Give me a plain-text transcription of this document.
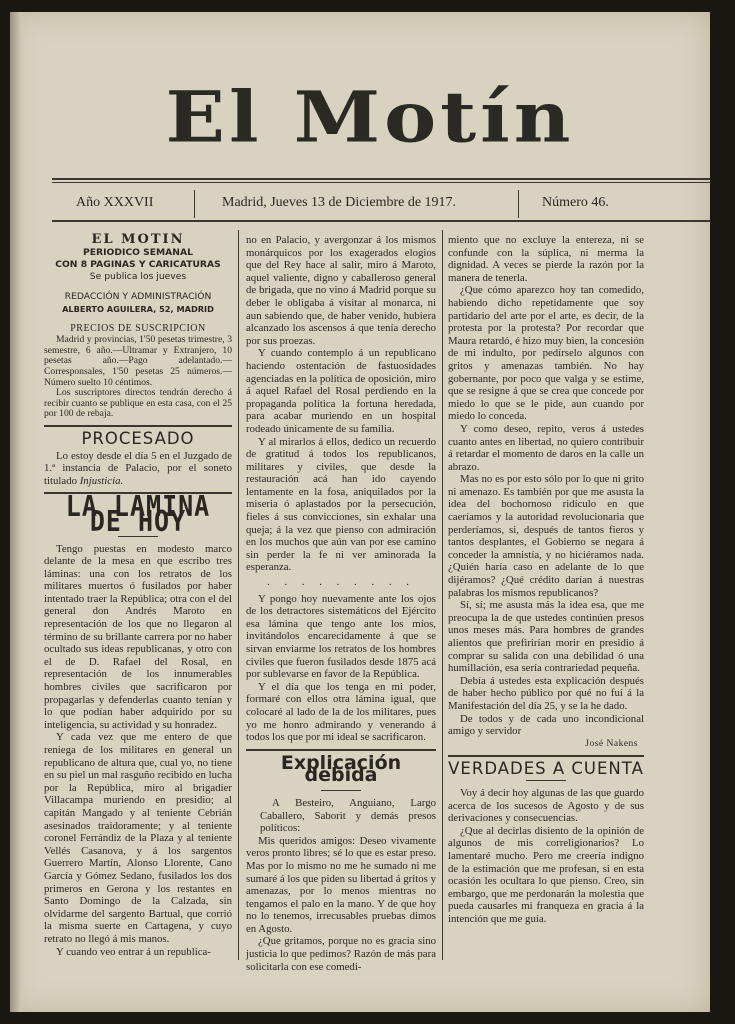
El Motín
Año XXXVII	Madrid, Jueves 13 de Diciembre de 1917.	Número 46.
EL MOTIN
PERIODICO SEMANAL
CON 8 PAGINAS Y CARICATURAS
Se publica los jueves
REDACCIÓN Y ADMINISTRACIÓN
ALBERTO AGUILERA, 52, MADRID
PRECIOS DE SUSCRIPCION

Madrid y provincias, 1'50 pesetas trimestre, 3 semestre, 6 año.—Ultramar y Extranjero, 10 pesetas año.—Pago adelantado.—Corresponsales, 1'50 pesetas 25 números.—Número suelto 10 céntimos.

Los suscriptores directos tendrán derecho á recibir cuanto se publique en esta casa, con el 25 por 100 de rebaja.

PROCESADO

Lo estoy desde el día 5 en el Juzgado de 1.ª instancia de Palacio, por el soneto titulado Injusticia.

LA LAMINA DE HOY

Tengo puestas en modesto marco delante de la mesa en que escribo tres láminas: una con los retratos de los militares muertos ó fusilados por haber intentado traer la República; otra con el del general don Andrés Maroto en representación de los que no llegaron al término de su brillante carrera por no haber ocultado sus ideas republicanas, y otro con el de D. Rafael del Rosal, en representación de los innumerables hombres civiles que sacrificaron por propagarlas y defenderlas cuanto tenían y lo que podían haber adquirido por su inteligencia, su actividad y su honradez.

Y cada vez que me entero de que reniega de los militares en general un republicano de altura que, cual yo, no tiene en su piel un mal rasguño recibido en lucha por la República, miro al brigadier Villacampa muriendo en presidio; al capitán Mangado y al teniente Cebrián asesinados traidoramente; y al teniente coronel Ferrándiz de la Plaza y al teniente Vellés Casanova, y á los sargentos Guerrero Martín, Alonso Llorente, Cano García y Gómez Sedano, fusilados los dos primeros en Gerona y los restantes en Santo Domingo de la Calzada, sin olvidarme del sargento Bartual, que corrió la misma suerte en Cartagena, y cuyo retrato no llegó á mis manos.

Y cuando veo entrar á un republica-

no en Palacio, y avergonzar á los mismos monárquicos por los exagerados elogios que del Rey hace al salir, miro á Maroto, aquel valiente, digno y caballeroso general de brigada, que no vino á Madrid porque su deber le obligaba á visitar al monarca, ni aun sabiendo que, de haber venido, hubiera alcanzado los ascensos á que tenía derecho por sus proezas.

Y cuando contemplo á un republicano haciendo ostentación de fastuosidades agenciadas en la política de oposición, miro á aquel Rafael del Rosal perdiendo en la propaganda política la fortuna heredada, para acabar muriendo en un hospital rodeado únicamente de su familia.

Y al mirarlos á ellos, dedico un recuerdo de gratitud á todos los republicanos, militares y civiles, que desde la restauración acá han ido cayendo lentamente en la fosa, aniquilados por la miseria ó aplastados por la persecución, fieles á sus convicciones, sin exhalar una queja; á la vez que pienso con admiración en los muchos que aún van por ese camino sin perder la fe ni ver aminorada la esperanza.

. . . . . . . . .

Y pongo hoy nuevamente ante los ojos de los detractores sistemáticos del Ejército esa lámina que tengo ante los míos, invitándolos encarecidamente á que se sirvan enviarme los retratos de los hombres civiles que fueron fusilados desde 1875 acá por sublevarse en favor de la República.

Y el día que los tenga en mi poder, formaré con ellos otra lámina igual, que colocaré al lado de la de los militares, pues yo me honro admirando y venerando á todos los que por mi ideal se sacrificaron.

Explicación debida

A Besteiro, Anguiano, Largo Caballero, Saborit y demás presos políticos:

Mis queridos amigos: Deseo vivamente veros pronto libres; sé lo que es estar preso. Mas por lo mismo no me he sumado ni me sumaré á los que piden su libertad á gritos y amenazas, por lo menos mientras no tengamos el palo en la mano. Y de que hoy no lo tenemos, irrecusables pruebas dimos en Agosto.

¿Que gritamos, porque no es gracia sino justicia lo que pedimos? Razón de más para solicitarla con ese comedi-

miento que no excluye la entereza, ni se confunde con la súplica, ni merma la dignidad. A veces se pierde la razón por la manera de tenerla.

¿Que cómo aparezco hoy tan comedido, habiendo dicho repetidamente que soy partidario del arte por el arte, es decir, de la protesta por la protesta? Por recordar que Maura retardó, é hizo muy bien, la concesión de mi indulto, por pedírselo algunos con gritos y amenazas también. No hay gobernante, por poco que valga y se estime, que se resigne á que se crea que concede por miedo lo que se le pide, aun cuando por miedo lo conceda.

Y como deseo, repito, veros á ustedes cuanto antes en libertad, no quiero contribuir á retardar el momento de daros en la calle un abrazo.

Mas no es por esto sólo por lo que ni grito ni amenazo. Es también por que me asusta la idea del bochornoso ridículo en que caeríamos y la autoridad revolucionaria que perderíamos, si, después de tantos fieros y tantos desplantes, el Gobierno se negara á conceder la amnistía, y no hiciéramos nada. ¿Quién haría caso en adelante de lo que dijéramos? ¿Qué crédito darían á nuestras palabras los mismos republicanos?

Sí, sí; me asusta más la idea esa, que me preocupa la de que ustedes continúen presos unos meses más. Para hombres de grandes alientos que prefirirían morir en presidio á comprar su salida con una debilidad ó una humillación, esa sería contrariedad pequeña.

Debía á ustedes esta explicación después de haber hecho público por qué no fuí á la Manifestación del día 25, y se la he dado.

De todos y de cada uno incondicional amigo y servidor

José Nakens
VERDADES A CUENTA

Voy á decir hoy algunas de las que guardo acerca de los sucesos de Agosto y de sus derivaciones y consecuencias.

¿Que al decirlas disiento de la opinión de algunos de mis correligionarios? Lo lamentaré mucho. Pero me creería indigno de la estimación que me profesan, si en esta ocasión les ocultara lo que pienso. Creo, sin embargo, que me perdonarán la molestia que pueda causarles mi franqueza en gracia á la intención que me guía.
